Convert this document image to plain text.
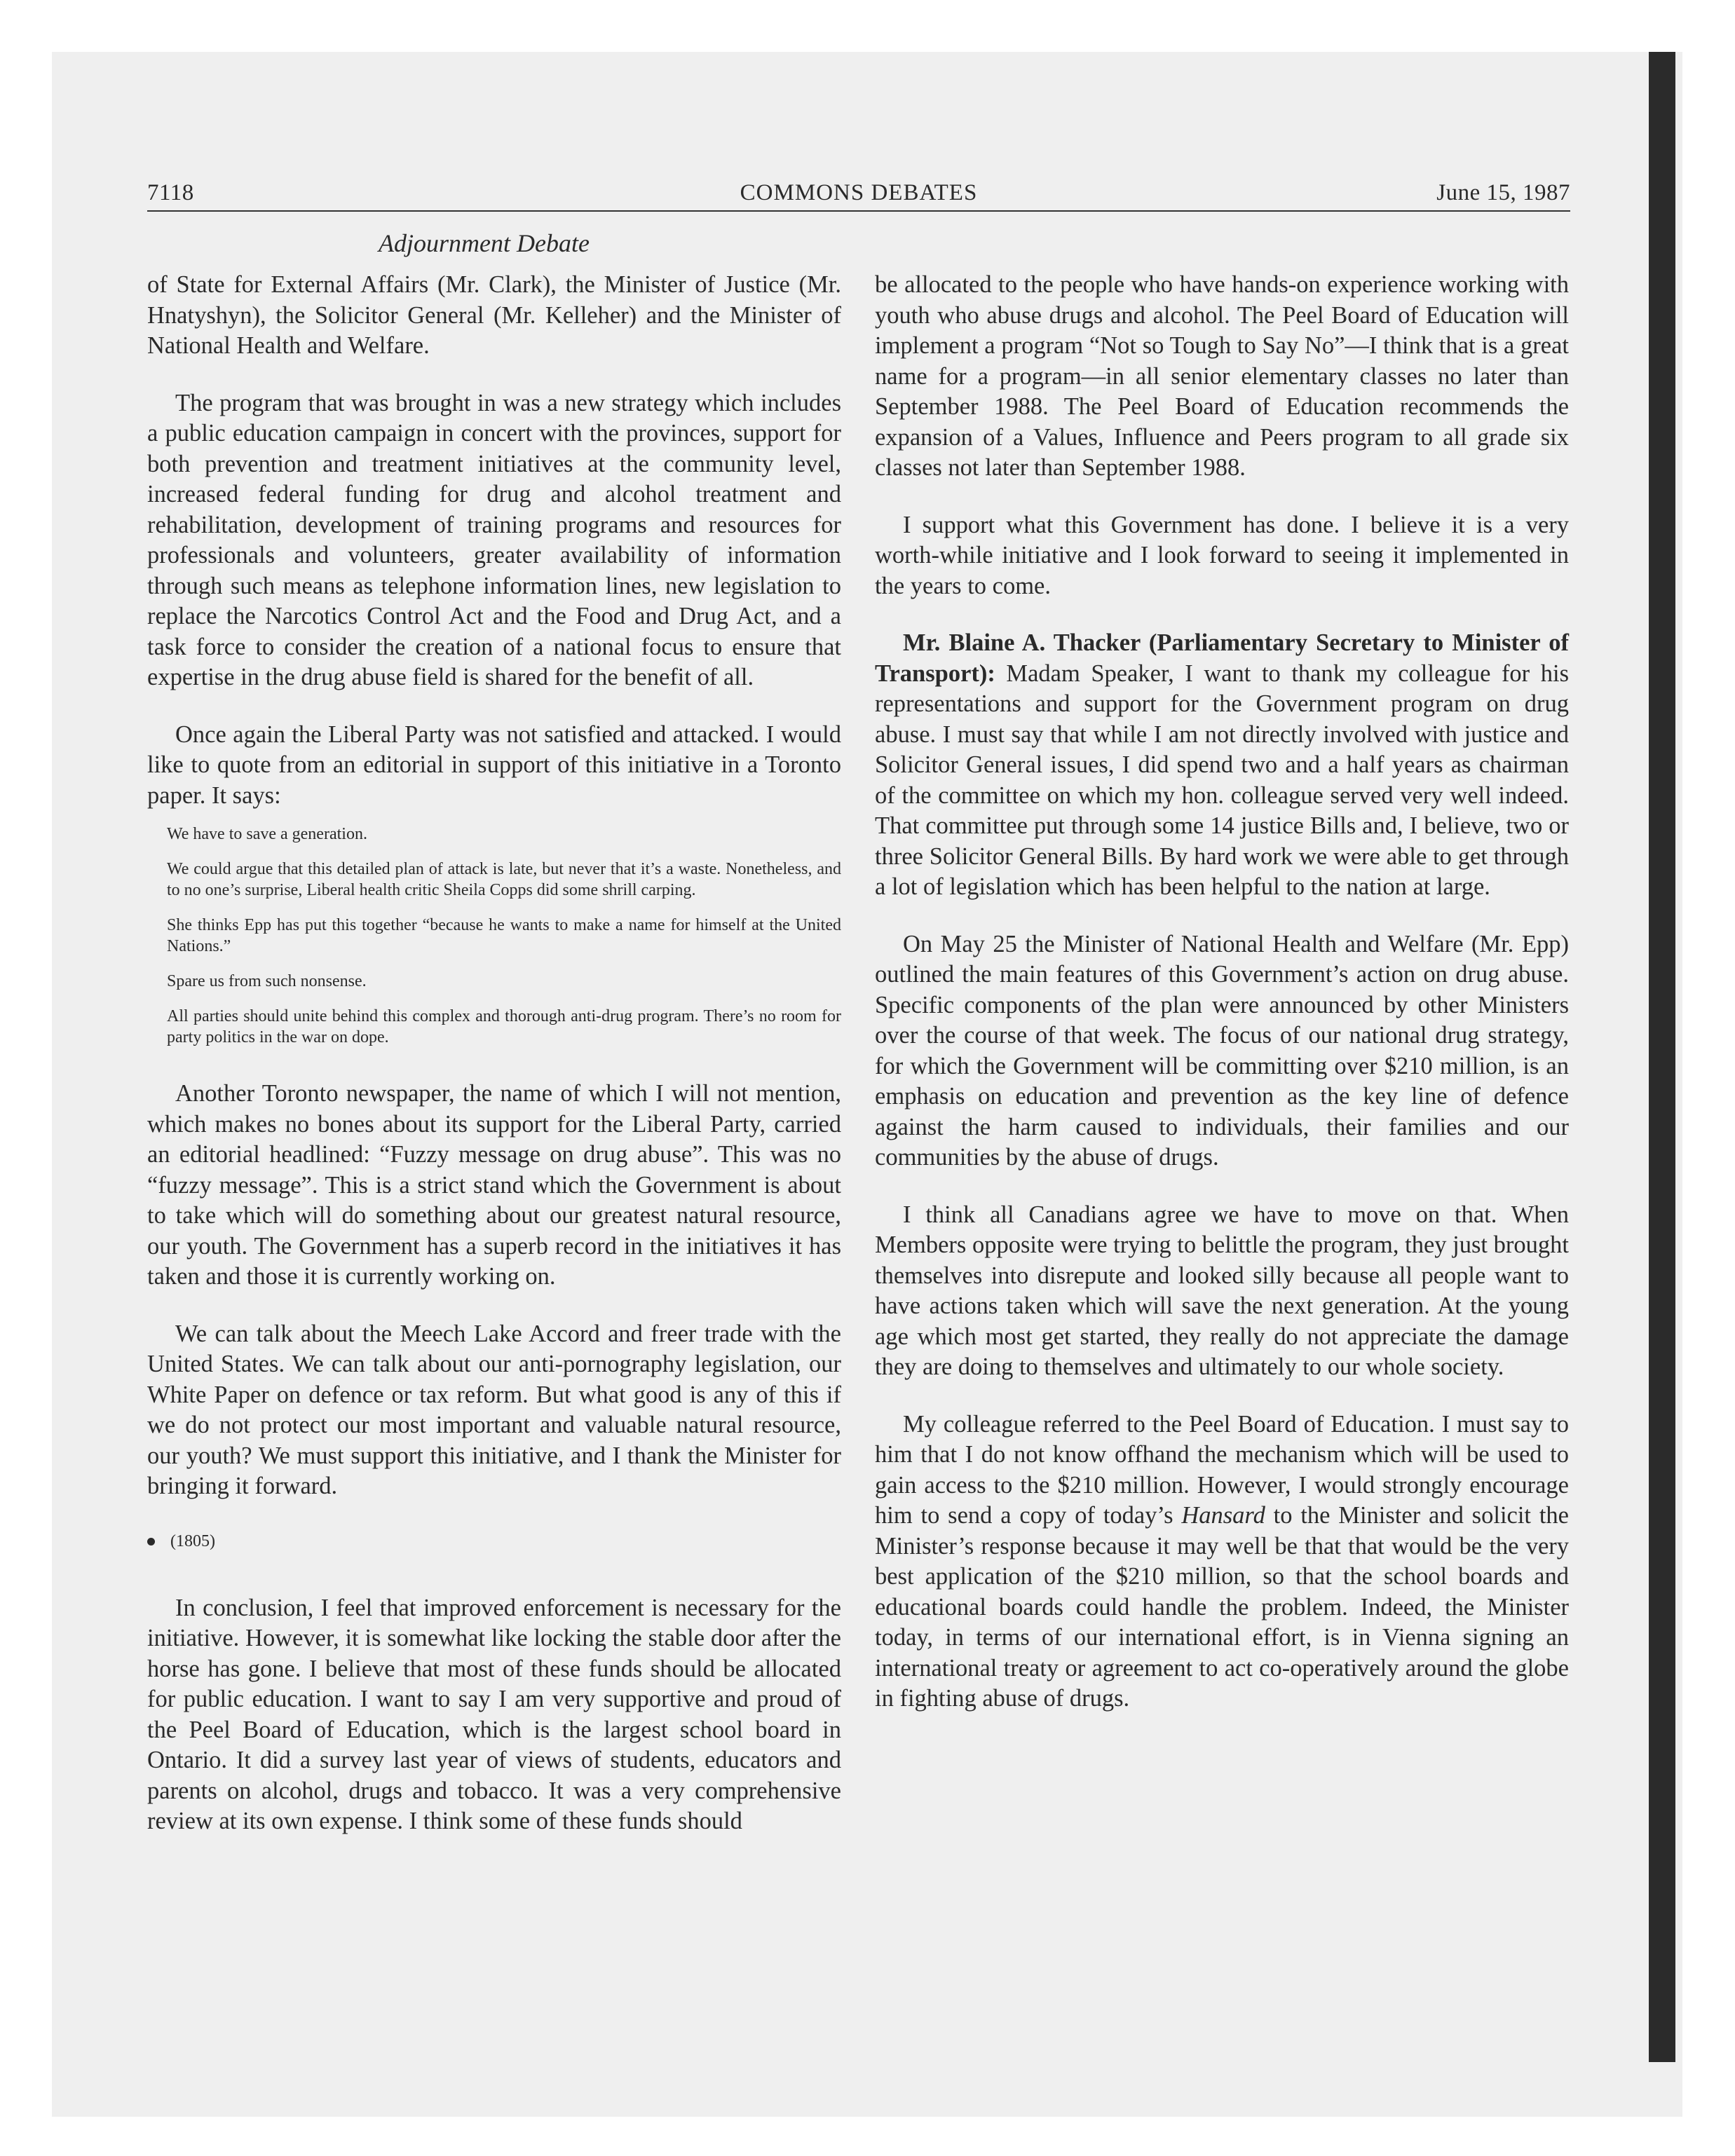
7118	COMMONS DEBATES	June 15, 1987
Adjournment Debate

of State for External Affairs (Mr. Clark), the Minister of Justice (Mr. Hnatyshyn), the Solicitor General (Mr. Kelleher) and the Minister of National Health and Welfare.

The program that was brought in was a new strategy which includes a public education campaign in concert with the provinces, support for both prevention and treatment initiatives at the community level, increased federal funding for drug and alcohol treatment and rehabilitation, development of training programs and resources for professionals and volunteers, greater availability of information through such means as telephone information lines, new legislation to replace the Narcotics Control Act and the Food and Drug Act, and a task force to consider the creation of a national focus to ensure that expertise in the drug abuse field is shared for the benefit of all.

Once again the Liberal Party was not satisfied and attacked. I would like to quote from an editorial in support of this initiative in a Toronto paper. It says:

We have to save a generation.

We could argue that this detailed plan of attack is late, but never that it’s a waste. Nonetheless, and to no one’s surprise, Liberal health critic Sheila Copps did some shrill carping.

She thinks Epp has put this together “because he wants to make a name for himself at the United Nations.”

Spare us from such nonsense.

All parties should unite behind this complex and thorough anti-drug program. There’s no room for party politics in the war on dope.

Another Toronto newspaper, the name of which I will not mention, which makes no bones about its support for the Liberal Party, carried an editorial headlined: “Fuzzy message on drug abuse”. This was no “fuzzy message”. This is a strict stand which the Government is about to take which will do something about our greatest natural resource, our youth. The Government has a superb record in the initiatives it has taken and those it is currently working on.

We can talk about the Meech Lake Accord and freer trade with the United States. We can talk about our anti-pornography legislation, our White Paper on defence or tax reform. But what good is any of this if we do not protect our most important and valuable natural resource, our youth? We must support this initiative, and I thank the Minister for bringing it forward.

(1805)

In conclusion, I feel that improved enforcement is necessary for the initiative. However, it is somewhat like locking the stable door after the horse has gone. I believe that most of these funds should be allocated for public education. I want to say I am very supportive and proud of the Peel Board of Education, which is the largest school board in Ontario. It did a survey last year of views of students, educators and parents on alcohol, drugs and tobacco. It was a very comprehensive review at its own expense. I think some of these funds should

be allocated to the people who have hands-on experience working with youth who abuse drugs and alcohol. The Peel Board of Education will implement a program “Not so Tough to Say No”—I think that is a great name for a program—in all senior elementary classes no later than September 1988. The Peel Board of Education recommends the expansion of a Values, Influence and Peers program to all grade six classes not later than September 1988.

I support what this Government has done. I believe it is a very worth-while initiative and I look forward to seeing it implemented in the years to come.

Mr. Blaine A. Thacker (Parliamentary Secretary to Minister of Transport): Madam Speaker, I want to thank my colleague for his representations and support for the Government program on drug abuse. I must say that while I am not directly involved with justice and Solicitor General issues, I did spend two and a half years as chairman of the committee on which my hon. colleague served very well indeed. That committee put through some 14 justice Bills and, I believe, two or three Solicitor General Bills. By hard work we were able to get through a lot of legislation which has been helpful to the nation at large.

On May 25 the Minister of National Health and Welfare (Mr. Epp) outlined the main features of this Government’s action on drug abuse. Specific components of the plan were announced by other Ministers over the course of that week. The focus of our national drug strategy, for which the Government will be committing over $210 million, is an emphasis on education and prevention as the key line of defence against the harm caused to individuals, their families and our communities by the abuse of drugs.

I think all Canadians agree we have to move on that. When Members opposite were trying to belittle the program, they just brought themselves into disrepute and looked silly because all people want to have actions taken which will save the next generation. At the young age which most get started, they really do not appreciate the damage they are doing to themselves and ultimately to our whole society.

My colleague referred to the Peel Board of Education. I must say to him that I do not know offhand the mechanism which will be used to gain access to the $210 million. However, I would strongly encourage him to send a copy of today’s Hansard to the Minister and solicit the Minister’s response because it may well be that that would be the very best application of the $210 million, so that the school boards and educational boards could handle the problem. Indeed, the Minister today, in terms of our international effort, is in Vienna signing an international treaty or agreement to act co-operatively around the globe in fighting abuse of drugs.
